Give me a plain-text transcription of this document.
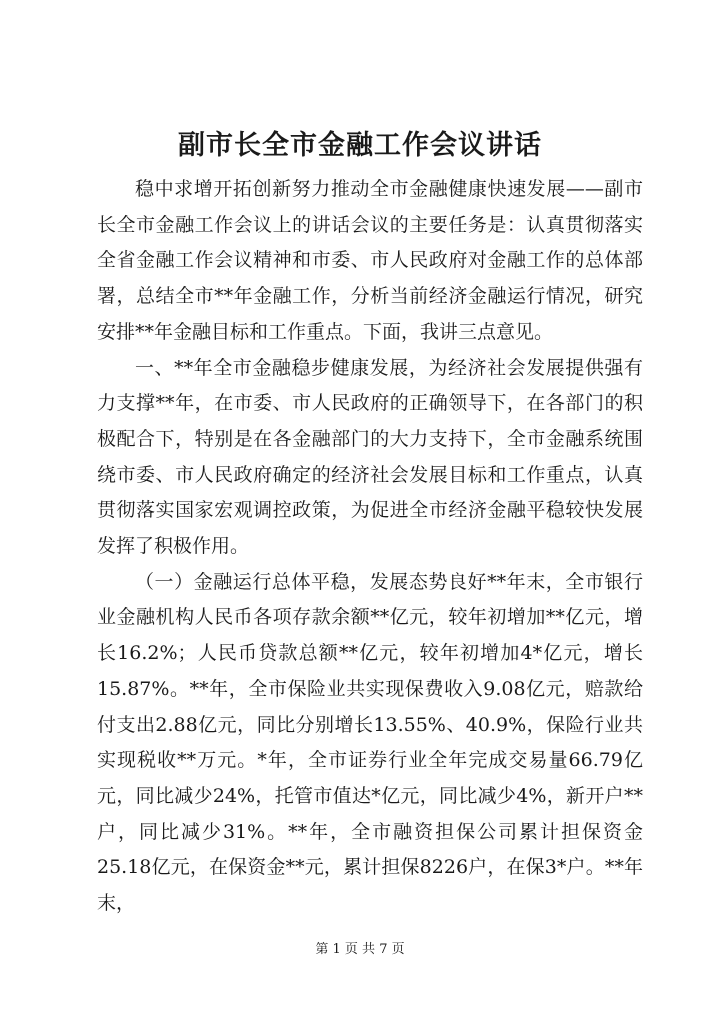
副市长全市金融工作会议讲话

稳中求增开拓创新努力推动全市金融健康快速发展——副市长全市金融工作会议上的讲话会议的主要任务是：认真贯彻落实全省金融工作会议精神和市委、市人民政府对金融工作的总体部署，总结全市**年金融工作，分析当前经济金融运行情况，研究安排**年金融目标和工作重点。下面，我讲三点意见。

一、**年全市金融稳步健康发展，为经济社会发展提供强有力支撑**年，在市委、市人民政府的正确领导下，在各部门的积极配合下，特别是在各金融部门的大力支持下，全市金融系统围绕市委、市人民政府确定的经济社会发展目标和工作重点，认真贯彻落实国家宏观调控政策，为促进全市经济金融平稳较快发展发挥了积极作用。

（一）金融运行总体平稳，发展态势良好**年末，全市银行业金融机构人民币各项存款余额**亿元，较年初增加**亿元，增长16.2%；人民币贷款总额**亿元，较年初增加4*亿元，增长15.87%。**年，全市保险业共实现保费收入9.08亿元，赔款给付支出2.88亿元，同比分别增长13.55%、40.9%，保险行业共实现税收**万元。*年，全市证券行业全年完成交易量66.79亿元，同比减少24%，托管市值达*亿元，同比减少4%，新开户**户，同比减少31%。**年，全市融资担保公司累计担保资金25.18亿元，在保资金**元，累计担保8226户，在保3*户。**年末，

第 1 页 共 7 页
